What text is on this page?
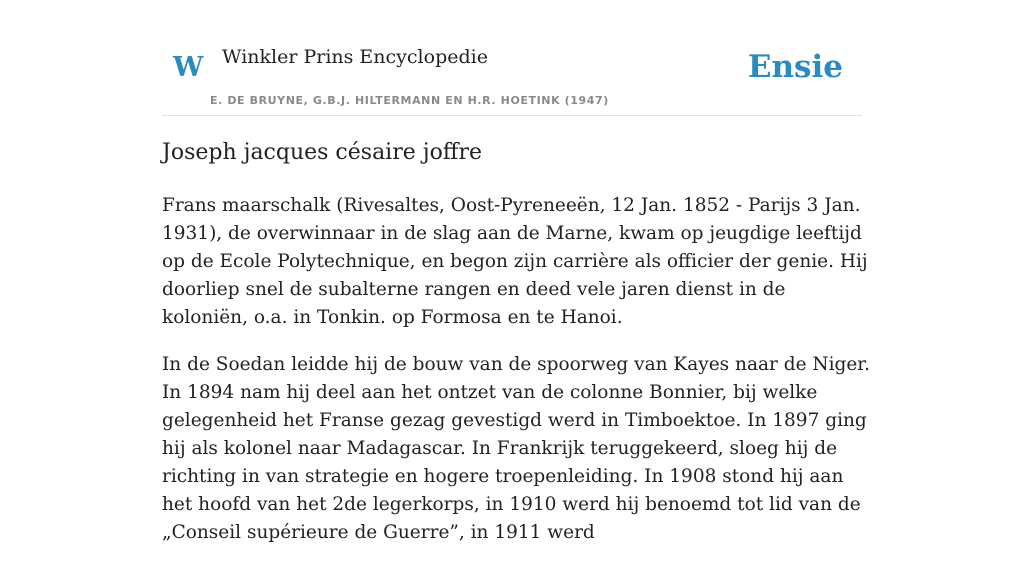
W Winkler Prins Encyclopedie
E. DE BRUYNE, G.B.J. HILTERMANN EN H.R. HOETINK (1947)
Ensie
Joseph jacques césaire joffre

Frans maarschalk (Rivesaltes, Oost-Pyreneeën, 12 Jan. 1852 - Parijs 3 Jan. 1931), de overwinnaar in de slag aan de Marne, kwam op jeugdige leeftijd op de Ecole Polytechnique, en begon zijn carrière als officier der genie. Hij doorliep snel de subalterne rangen en deed vele jaren dienst in de koloniën, o.a. in Tonkin. op Formosa en te Hanoi.

In de Soedan leidde hij de bouw van de spoorweg van Kayes naar de Niger. In 1894 nam hij deel aan het ontzet van de colonne Bonnier, bij welke gelegenheid het Franse gezag gevestigd werd in Timboektoe. In 1897 ging hij als kolonel naar Madagascar. In Frankrijk teruggekeerd, sloeg hij de richting in van strategie en hogere troepenleiding. In 1908 stond hij aan het hoofd van het 2de legerkorps, in 1910 werd hij benoemd tot lid van de „Conseil supérieure de Guerre”, in 1911 werd
